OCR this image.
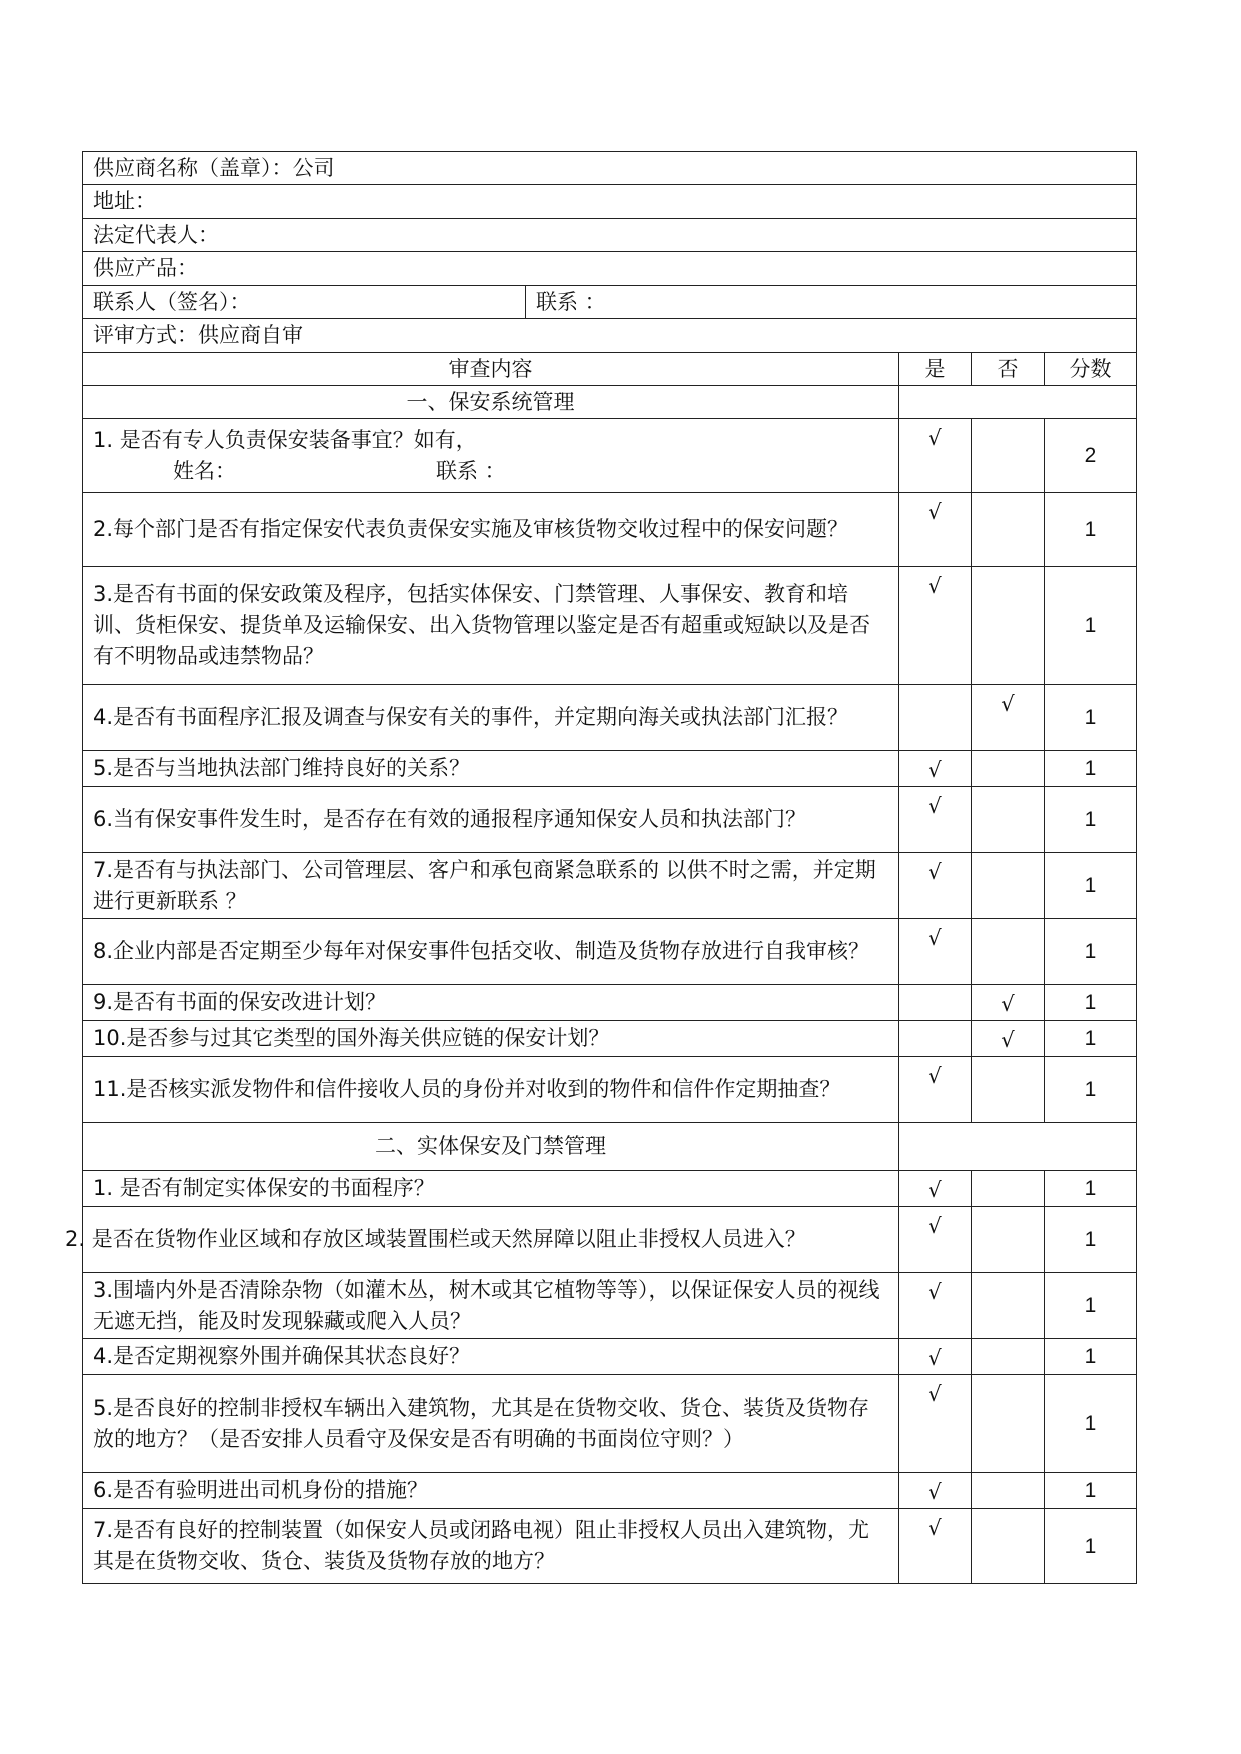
供应商名称（盖章）：公司				
地址：				
法定代表人：				
供应产品：				
联系人（签名）：	联系 ：			
评审方式：供应商自审				
审查内容		是	否	分数
一、保安系统管理				

1. 是否有专人负责保安装备事宜？如有，
姓名： 联系 ：		√		2
2.每个部门是否有指定保安代表负责保安实施及审核货物交收过程中的保安问题？		√		1
3.是否有书面的保安政策及程序，包括实体保安、门禁管理、人事保安、教育和培训、货柜保安、提货单及运输保安、出入货物管理以鉴定是否有超重或短缺以及是否有不明物品或违禁物品？		√		1
4.是否有书面程序汇报及调查与保安有关的事件，并定期向海关或执法部门汇报？			√	1
5.是否与当地执法部门维持良好的关系？		√		1
6.当有保安事件发生时，是否存在有效的通报程序通知保安人员和执法部门？		√		1
7.是否有与执法部门、公司管理层、客户和承包商紧急联系的 以供不时之需，并定期进行更新联系 ？		√		1
8.企业内部是否定期至少每年对保安事件包括交收、制造及货物存放进行自我审核？		√		1
9.是否有书面的保安改进计划？			√	1
10.是否参与过其它类型的国外海关供应链的保安计划？			√	1
11.是否核实派发物件和信件接收人员的身份并对收到的物件和信件作定期抽查？		√		1
二、实体保安及门禁管理				
1. 是否有制定实体保安的书面程序？		√		1
2. 是否在货物作业区域和存放区域装置围栏或天然屏障以阻止非授权人员进入？		√		1
3.围墙内外是否清除杂物（如灌木丛，树木或其它植物等等），以保证保安人员的视线无遮无挡，能及时发现躲藏或爬入人员？		√		1
4.是否定期视察外围并确保其状态良好？		√		1
5.是否良好的控制非授权车辆出入建筑物，尤其是在货物交收、货仓、装货及货物存放的地方？（是否安排人员看守及保安是否有明确的书面岗位守则？）		√		1
6.是否有验明进出司机身份的措施？		√		1
7.是否有良好的控制装置（如保安人员或闭路电视）阻止非授权人员出入建筑物，尤其是在货物交收、货仓、装货及货物存放的地方？		√		1
